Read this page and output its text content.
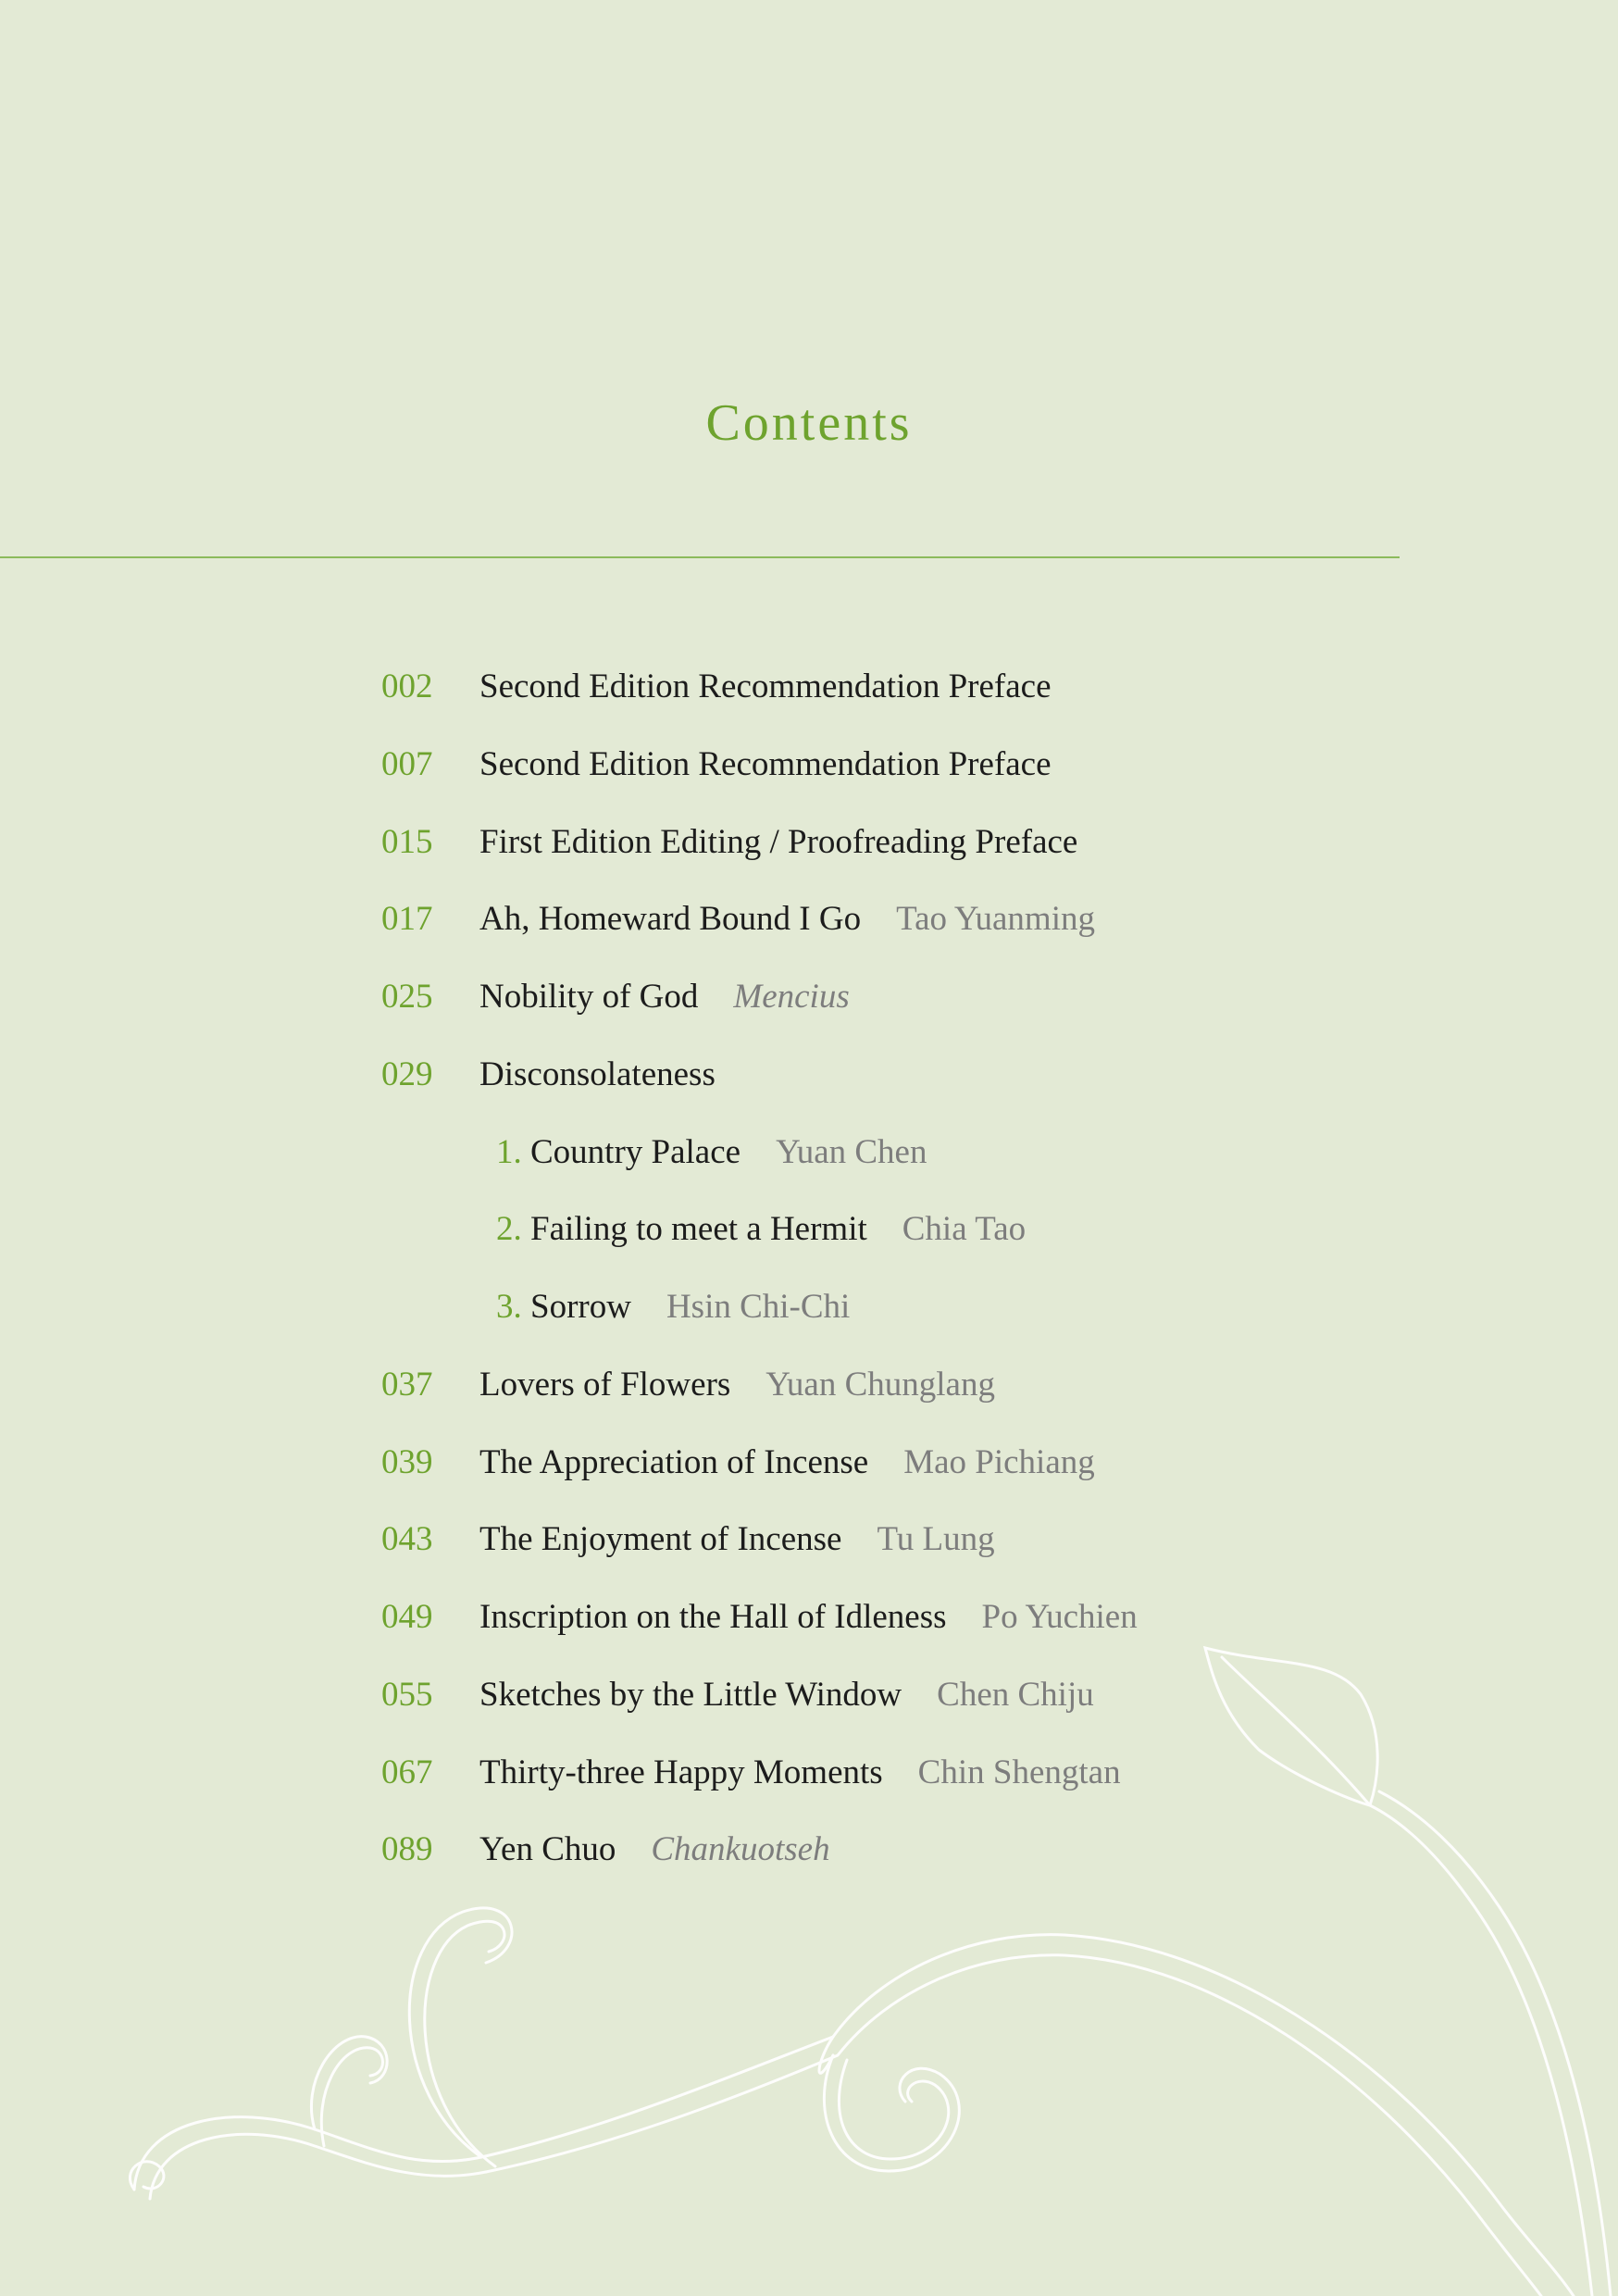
Contents
002 Second Edition Recommendation Preface
007 Second Edition Recommendation Preface
015 First Edition Editing / Proofreading Preface
017 Ah, Homeward Bound I Go Tao Yuanming
025 Nobility of God Mencius
029 Disconsolateness
1. Country Palace Yuan Chen
2. Failing to meet a Hermit Chia Tao
3. Sorrow Hsin Chi-Chi
037 Lovers of Flowers Yuan Chunglang
039 The Appreciation of Incense Mao Pichiang
043 The Enjoyment of Incense Tu Lung
049 Inscription on the Hall of Idleness Po Yuchien
055 Sketches by the Little Window Chen Chiju
067 Thirty-three Happy Moments Chin Shengtan
089 Yen Chuo Chankuotseh
